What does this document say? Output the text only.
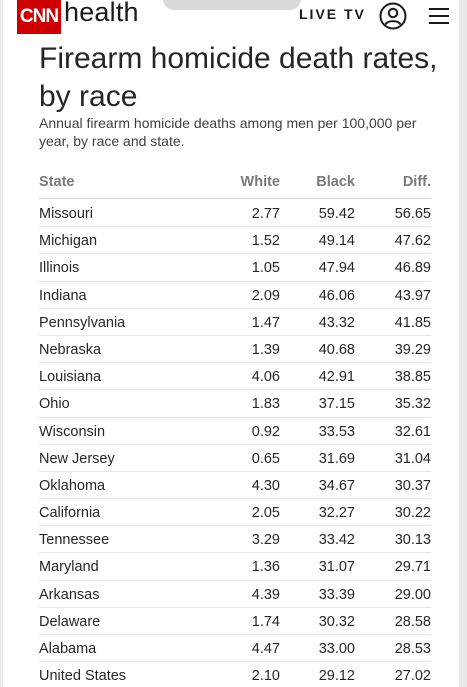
CNN health	LIVE TV
Firearm homicide death rates, by race

Annual firearm homicide deaths among men per 100,000 per year, by race and state.

State	White	Black	Diff.
Missouri	2.77	59.42	56.65
Michigan	1.52	49.14	47.62
Illinois	1.05	47.94	46.89
Indiana	2.09	46.06	43.97
Pennsylvania	1.47	43.32	41.85
Nebraska	1.39	40.68	39.29
Louisiana	4.06	42.91	38.85
Ohio	1.83	37.15	35.32
Wisconsin	0.92	33.53	32.61
New Jersey	0.65	31.69	31.04
Oklahoma	4.30	34.67	30.37
California	2.05	32.27	30.22
Tennessee	3.29	33.42	30.13
Maryland	1.36	31.07	29.71
Arkansas	4.39	33.39	29.00
Delaware	1.74	30.32	28.58
Alabama	4.47	33.00	28.53
United States	2.10	29.12	27.02
